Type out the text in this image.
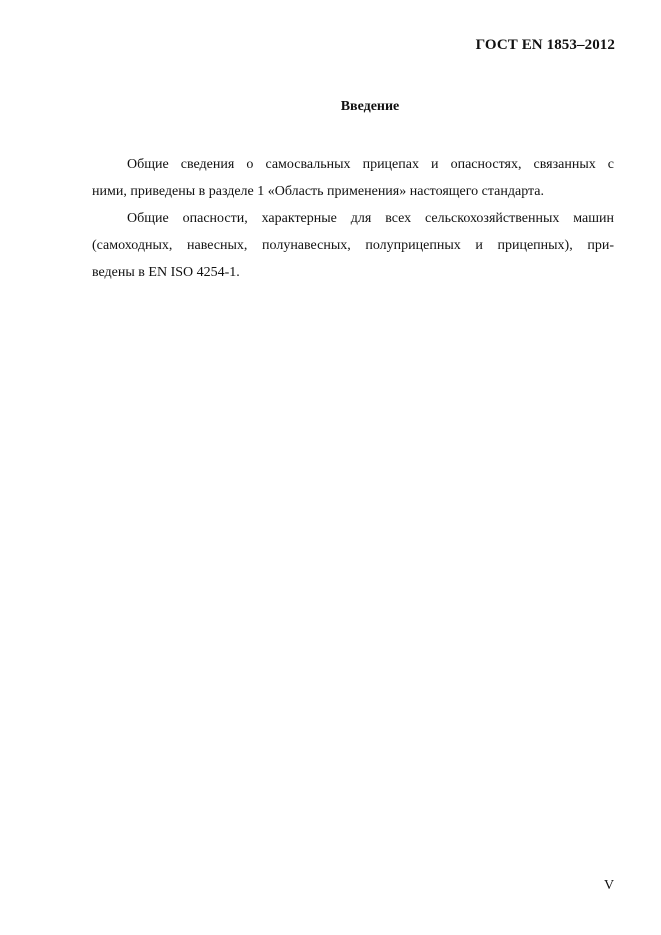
ГОСТ EN 1853–2012
Введение
Общие сведения о самосвальных прицепах и опасностях, связанных с
ними, приведены в разделе 1 «Область применения» настоящего стандарта.
Общие опасности, характерные для всех сельскохозяйственных машин
(самоходных, навесных, полунавесных, полуприцепных и прицепных), при-
ведены в EN ISO 4254-1.
V
